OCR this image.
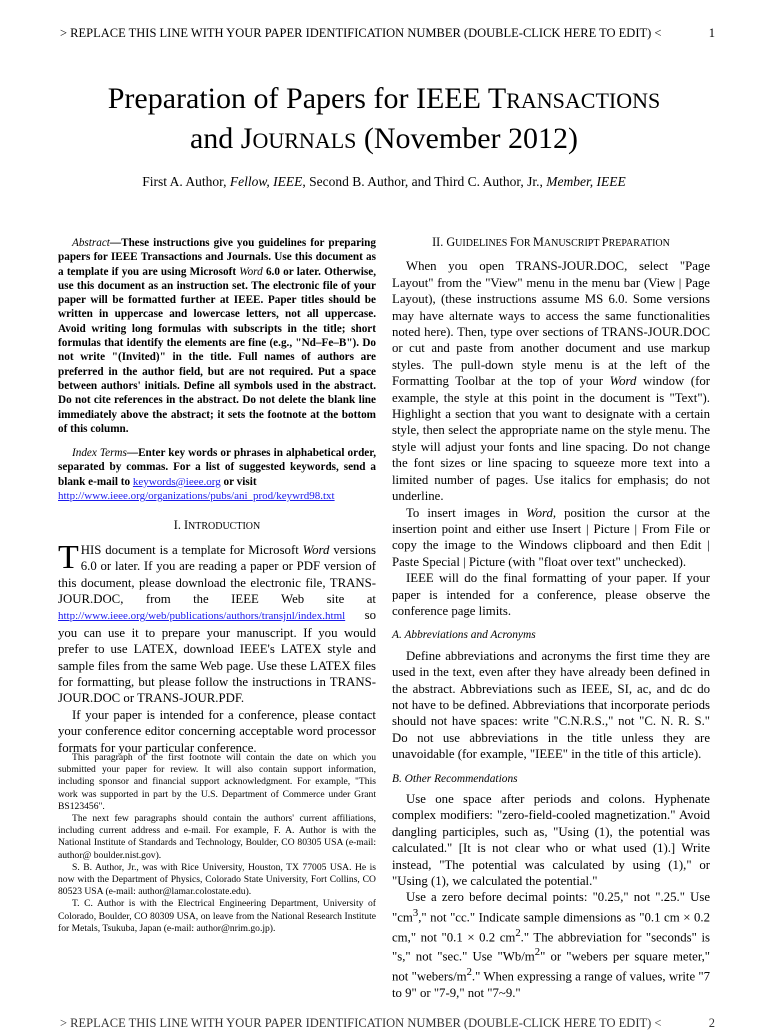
> REPLACE THIS LINE WITH YOUR PAPER IDENTIFICATION NUMBER (DOUBLE-CLICK HERE TO EDIT) <	1
Preparation of Papers for IEEE TRANSACTIONS
and JOURNALS (November 2012)
First A. Author, Fellow, IEEE, Second B. Author, and Third C. Author, Jr., Member, IEEE

Abstract—These instructions give you guidelines for preparing papers for IEEE Transactions and Journals. Use this document as a template if you are using Microsoft Word 6.0 or later. Otherwise, use this document as an instruction set. The electronic file of your paper will be formatted further at IEEE. Paper titles should be written in uppercase and lowercase letters, not all uppercase. Avoid writing long formulas with subscripts in the title; short formulas that identify the elements are fine (e.g., "Nd–Fe–B"). Do not write "(Invited)" in the title. Full names of authors are preferred in the author field, but are not required. Put a space between authors' initials. Define all symbols used in the abstract. Do not cite references in the abstract. Do not delete the blank line immediately above the abstract; it sets the footnote at the bottom of this column.

Index Terms—Enter key words or phrases in alphabetical order, separated by commas. For a list of suggested keywords, send a blank e-mail to keywords@ieee.org or visit
http://www.ieee.org/organizations/pubs/ani_prod/keywrd98.txt

I. INTRODUCTION

THIS document is a template for Microsoft Word versions 6.0 or later. If you are reading a paper or PDF version of this document, please download the electronic file, TRANS-JOUR.DOC, from the IEEE Web site at http://www.ieee.org/web/publications/authors/transjnl/index.html so you can use it to prepare your manuscript. If you would prefer to use LATEX, download IEEE's LATEX style and sample files from the same Web page. Use these LATEX files for formatting, but please follow the instructions in TRANS-JOUR.DOC or TRANS-JOUR.PDF.

If your paper is intended for a conference, please contact your conference editor concerning acceptable word processor formats for your particular conference.

This paragraph of the first footnote will contain the date on which you submitted your paper for review. It will also contain support information, including sponsor and financial support acknowledgment. For example, "This work was supported in part by the U.S. Department of Commerce under Grant BS123456".

The next few paragraphs should contain the authors' current affiliations, including current address and e-mail. For example, F. A. Author is with the National Institute of Standards and Technology, Boulder, CO 80305 USA (e-mail: author@ boulder.nist.gov).

S. B. Author, Jr., was with Rice University, Houston, TX 77005 USA. He is now with the Department of Physics, Colorado State University, Fort Collins, CO 80523 USA (e-mail: author@lamar.colostate.edu).

T. C. Author is with the Electrical Engineering Department, University of Colorado, Boulder, CO 80309 USA, on leave from the National Research Institute for Metals, Tsukuba, Japan (e-mail: author@nrim.go.jp).

II. GUIDELINES FOR MANUSCRIPT PREPARATION

When you open TRANS-JOUR.DOC, select "Page Layout" from the "View" menu in the menu bar (View | Page Layout), (these instructions assume MS 6.0. Some versions may have alternate ways to access the same functionalities noted here). Then, type over sections of TRANS-JOUR.DOC or cut and paste from another document and use markup styles. The pull-down style menu is at the left of the Formatting Toolbar at the top of your Word window (for example, the style at this point in the document is "Text"). Highlight a section that you want to designate with a certain style, then select the appropriate name on the style menu. The style will adjust your fonts and line spacing. Do not change the font sizes or line spacing to squeeze more text into a limited number of pages. Use italics for emphasis; do not underline.

To insert images in Word, position the cursor at the insertion point and either use Insert | Picture | From File or copy the image to the Windows clipboard and then Edit | Paste Special | Picture (with "float over text" unchecked).

IEEE will do the final formatting of your paper. If your paper is intended for a conference, please observe the conference page limits.

A. Abbreviations and Acronyms

Define abbreviations and acronyms the first time they are used in the text, even after they have already been defined in the abstract. Abbreviations such as IEEE, SI, ac, and dc do not have to be defined. Abbreviations that incorporate periods should not have spaces: write "C.N.R.S.," not "C. N. R. S." Do not use abbreviations in the title unless they are unavoidable (for example, "IEEE" in the title of this article).

B. Other Recommendations

Use one space after periods and colons. Hyphenate complex modifiers: "zero-field-cooled magnetization." Avoid dangling participles, such as, "Using (1), the potential was calculated." [It is not clear who or what used (1).] Write instead, "The potential was calculated by using (1)," or "Using (1), we calculated the potential."

Use a zero before decimal points: "0.25," not ".25." Use "$cm^3$," not "cc." Indicate sample dimensions as "0.1 cm × 0.2 cm," not "0.1 × 0.2 $cm^2$." The abbreviation for "seconds" is "s," not "sec." Use "$Wb/m^2$" or "webers per square meter," not "$webers/m^2$." When expressing a range of values, write "7 to 9" or "7-9," not "7~9."

> REPLACE THIS LINE WITH YOUR PAPER IDENTIFICATION NUMBER (DOUBLE-CLICK HERE TO EDIT) <	2
